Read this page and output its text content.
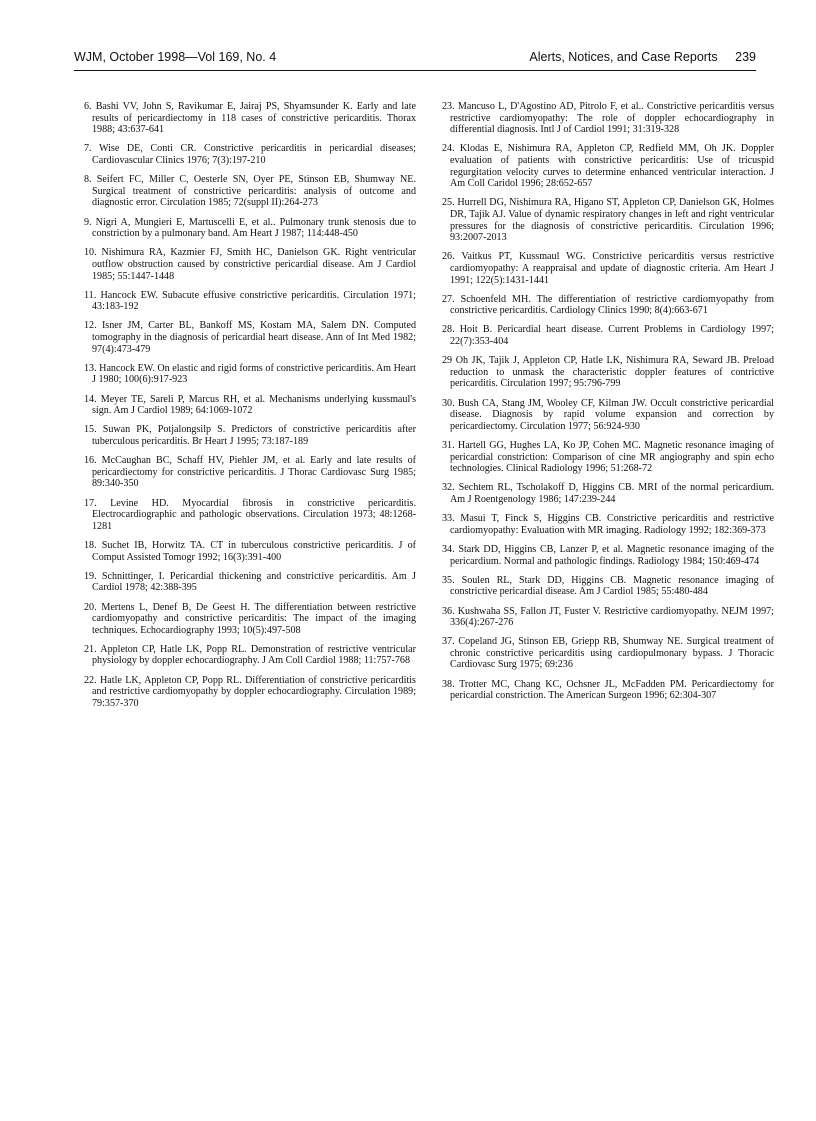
WJM, October 1998—Vol 169, No. 4	Alerts, Notices, and Case Reports 239

6. Bashi VV, John S, Ravikumar E, Jairaj PS, Shyamsunder K. Early and late results of pericardiectomy in 118 cases of constrictive pericarditis. Thorax 1988; 43:637-641

7. Wise DE, Conti CR. Constrictive pericarditis in pericardial diseases; Cardiovascular Clinics 1976; 7(3):197-210

8. Seifert FC, Miller C, Oesterle SN, Oyer PE, Stinson EB, Shumway NE. Surgical treatment of constrictive pericarditis: analysis of outcome and diagnostic error. Circulation 1985; 72(suppl II):264-273

9. Nigri A, Mungieri E, Martuscelli E, et al.. Pulmonary trunk stenosis due to constriction by a pulmonary band. Am Heart J 1987; 114:448-450

10. Nishimura RA, Kazmier FJ, Smith HC, Danielson GK. Right ventricular outflow obstruction caused by constrictive pericardial disease. Am J Cardiol 1985; 55:1447-1448

11. Hancock EW. Subacute effusive constrictive pericarditis. Circulation 1971; 43:183-192

12. Isner JM, Carter BL, Bankoff MS, Kostam MA, Salem DN. Computed tomography in the diagnosis of pericardial heart disease. Ann of Int Med 1982; 97(4):473-479

13. Hancock EW. On elastic and rigid forms of constrictive pericarditis. Am Heart J 1980; 100(6):917-923

14. Meyer TE, Sareli P, Marcus RH, et al. Mechanisms underlying kussmaul's sign. Am J Cardiol 1989; 64:1069-1072

15. Suwan PK, Potjalongsilp S. Predictors of constrictive pericarditis after tuberculous pericarditis. Br Heart J 1995; 73:187-189

16. McCaughan BC, Schaff HV, Piehler JM, et al. Early and late results of pericardiectomy for constrictive pericarditis. J Thorac Cardiovasc Surg 1985; 89:340-350

17. Levine HD. Myocardial fibrosis in constrictive pericarditis. Electrocardiographic and pathologic observations. Circulation 1973; 48:1268-1281

18. Suchet IB, Horwitz TA. CT in tuberculous constrictive pericarditis. J of Comput Assisted Tomogr 1992; 16(3):391-400

19. Schnittinger, I. Pericardial thickening and constrictive pericarditis. Am J Cardiol 1978; 42:388-395

20. Mertens L, Denef B, De Geest H. The differentiation between restrictive cardiomyopathy and constrictive pericarditis: The impact of the imaging techniques. Echocardiography 1993; 10(5):497-508

21. Appleton CP, Hatle LK, Popp RL. Demonstration of restrictive ventricular physiology by doppler echocardiography. J Am Coll Cardiol 1988; 11:757-768

22. Hatle LK, Appleton CP, Popp RL. Differentiation of constrictive pericarditis and restrictive cardiomyopathy by doppler echocardiography. Circulation 1989; 79:357-370

23. Mancuso L, D'Agostino AD, Pitrolo F, et al.. Constrictive pericarditis versus restrictive cardiomyopathy: The role of doppler echocardiography in differential diagnosis. Intl J of Cardiol 1991; 31:319-328

24. Klodas E, Nishimura RA, Appleton CP, Redfield MM, Oh JK. Doppler evaluation of patients with constrictive pericarditis: Use of tricuspid regurgitation velocity curves to determine enhanced ventricular interaction. J Am Coll Caridol 1996; 28:652-657

25. Hurrell DG, Nishimura RA, Higano ST, Appleton CP, Danielson GK, Holmes DR, Tajik AJ. Value of dynamic respiratory changes in left and right ventricular pressures for the diagnosis of constrictive pericarditis. Circulation 1996; 93:2007-2013

26. Vaitkus PT, Kussmaul WG. Constrictive pericarditis versus restrictive cardiomyopathy: A reappraisal and update of diagnostic criteria. Am Heart J 1991; 122(5):1431-1441

27. Schoenfeld MH. The differentiation of restrictive cardiomyopathy from constrictive pericarditis. Cardiology Clinics 1990; 8(4):663-671

28. Hoit B. Pericardial heart disease. Current Problems in Cardiology 1997; 22(7):353-404

29 Oh JK, Tajik J, Appleton CP, Hatle LK, Nishimura RA, Seward JB. Preload reduction to unmask the characteristic doppler features of contrictive pericarditis. Circulation 1997; 95:796-799

30. Bush CA, Stang JM, Wooley CF, Kilman JW. Occult constrictive pericardial disease. Diagnosis by rapid volume expansion and correction by pericardiectomy. Circulation 1977; 56:924-930

31. Hartell GG, Hughes LA, Ko JP, Cohen MC. Magnetic resonance imaging of pericardial constriction: Comparison of cine MR angiography and spin echo technologies. Clinical Radiology 1996; 51:268-72

32. Sechtem RL, Tscholakoff D, Higgins CB. MRI of the normal pericardium. Am J Roentgenology 1986; 147:239-244

33. Masui T, Finck S, Higgins CB. Constrictive pericarditis and restrictive cardiomyopathy: Evaluation with MR imaging. Radiology 1992; 182:369-373

34. Stark DD, Higgins CB, Lanzer P, et al. Magnetic resonance imaging of the pericardium. Normal and pathologic findings. Radiology 1984; 150:469-474

35. Soulen RL, Stark DD, Higgins CB. Magnetic resonance imaging of constrictive pericardial disease. Am J Cardiol 1985; 55:480-484

36. Kushwaha SS, Fallon JT, Fuster V. Restrictive cardiomyopathy. NEJM 1997; 336(4):267-276

37. Copeland JG, Stinson EB, Griepp RB, Shumway NE. Surgical treatment of chronic constrictive pericarditis using cardiopulmonary bypass. J Thoracic Cardiovasc Surg 1975; 69:236

38. Trotter MC, Chang KC, Ochsner JL, McFadden PM. Pericardiectomy for pericardial constriction. The American Surgeon 1996; 62:304-307
